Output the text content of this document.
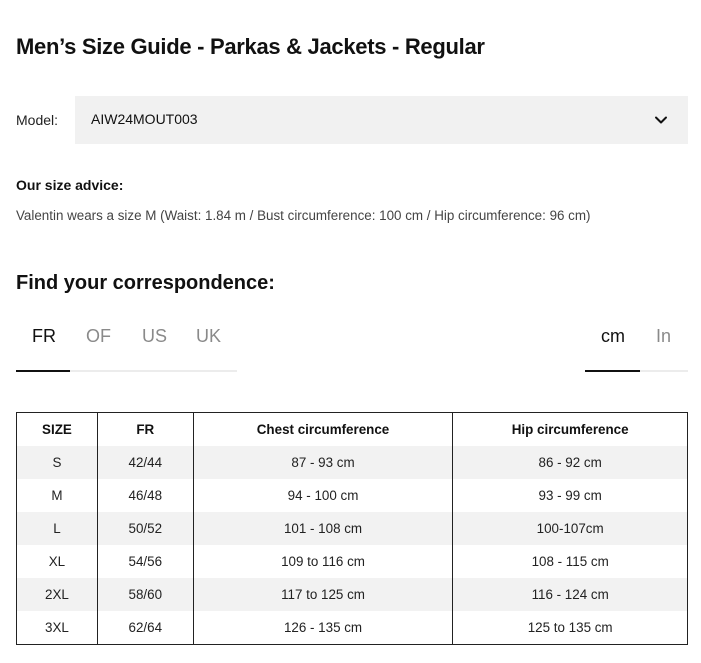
Men’s Size Guide - Parkas & Jackets - Regular
Model: AIW24MOUT003
Our size advice:
Valentin wears a size M (Waist: 1.84 m / Bust circumference: 100 cm / Hip circumference: 96 cm)
Find your correspondence:
FR OF US UK	cm In
SIZE	FR	Chest circumference	Hip circumference
S	42/44	87 - 93 cm	86 - 92 cm
M	46/48	94 - 100 cm	93 - 99 cm
L	50/52	101 - 108 cm	100-107cm
XL	54/56	109 to 116 cm	108 - 115 cm
2XL	58/60	117 to 125 cm	116 - 124 cm
3XL	62/64	126 - 135 cm	125 to 135 cm
